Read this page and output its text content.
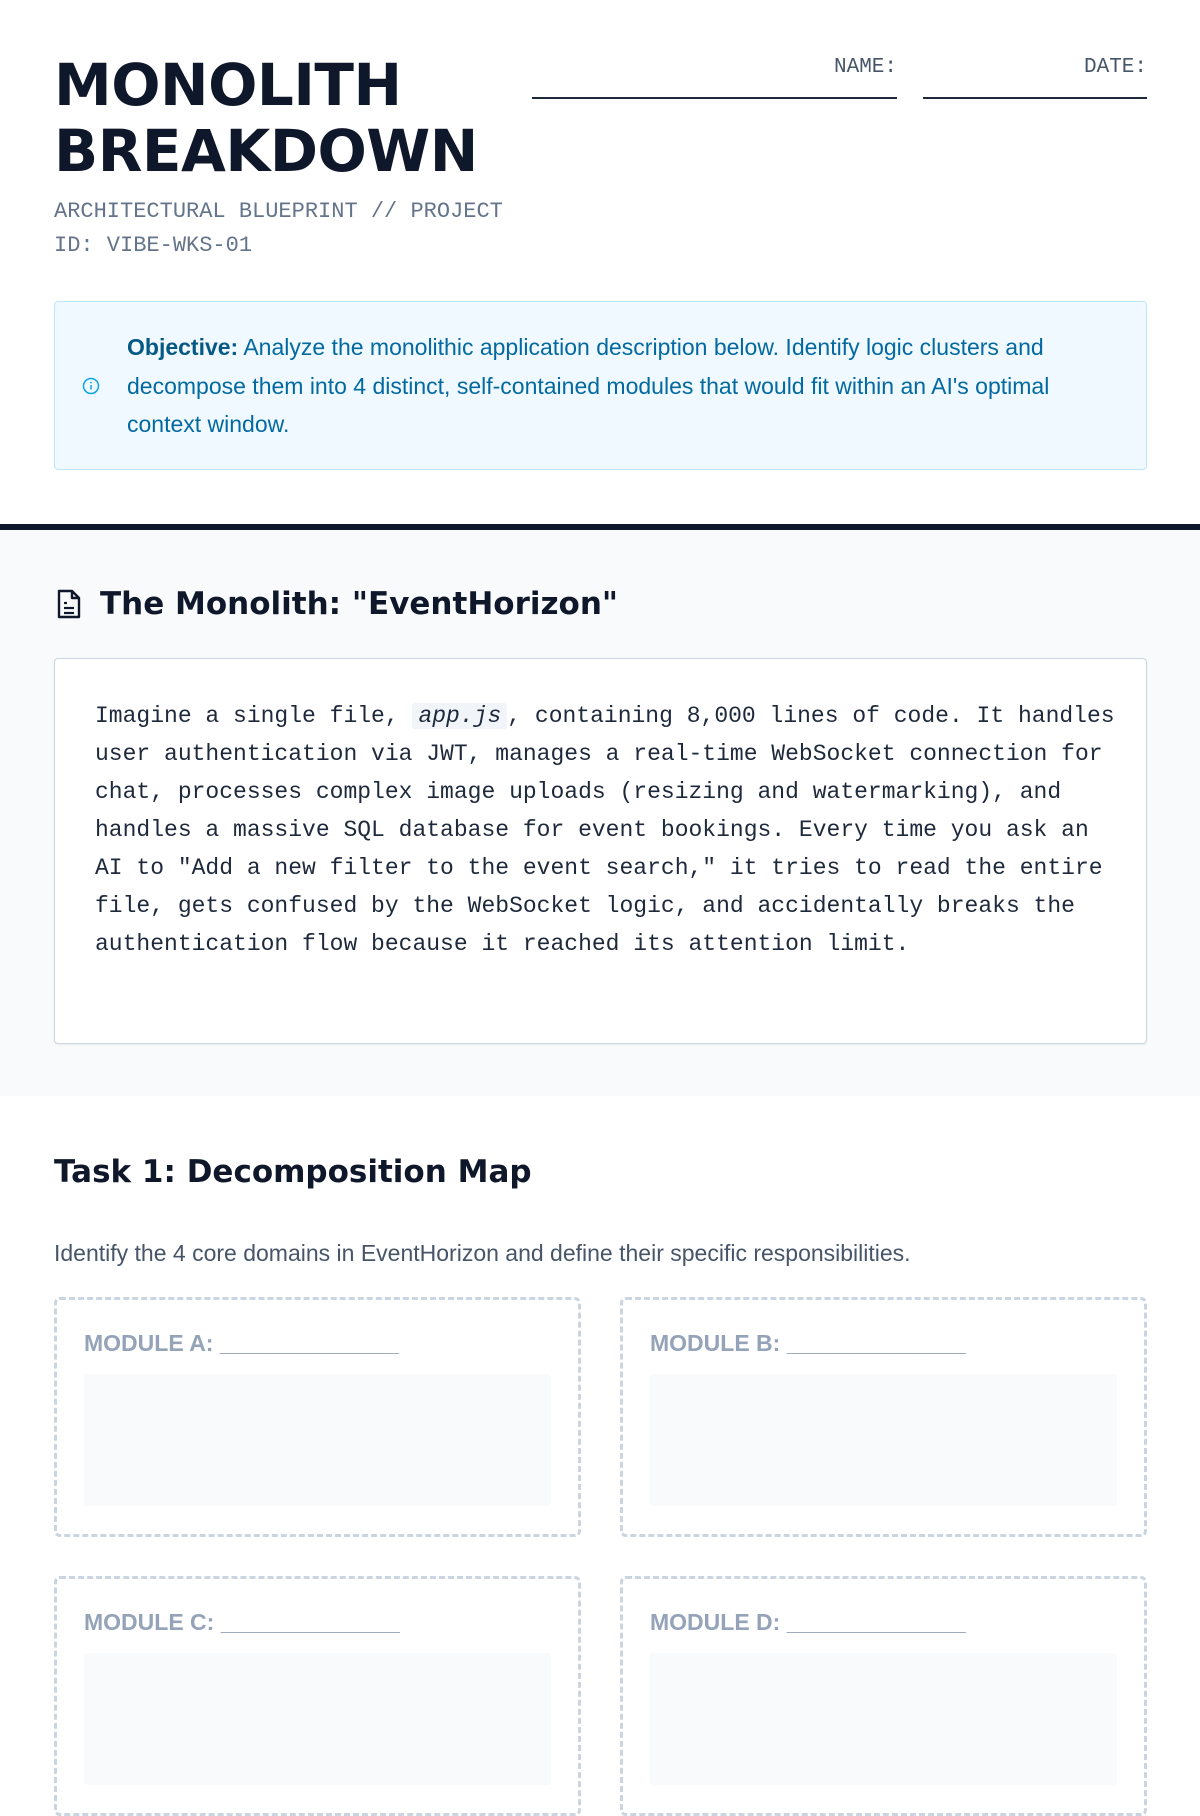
MONOLITH
BREAKDOWN
ARCHITECTURAL BLUEPRINT // PROJECT ID: VIBE-WKS-01
NAME:	DATE:
Objective: Analyze the monolithic application description below. Identify logic clusters and decompose them into 4 distinct, self-contained modules that would fit within an AI's optimal context window.
The Monolith: "EventHorizon"
Imagine a single file, app.js , containing 8,000 lines of code. It handles user authentication via JWT, manages a real-time WebSocket connection for chat, processes complex image uploads (resizing and watermarking), and handles a massive SQL database for event bookings. Every time you ask an AI to "Add a new filter to the event search," it tries to read the entire file, gets confused by the WebSocket logic, and accidentally breaks the authentication flow because it reached its attention limit.
Task 1: Decomposition Map

Identify the 4 core domains in EventHorizon and define their specific responsibilities.

MODULE A: ______________	MODULE B: ______________
MODULE C: ______________	MODULE D: ______________
